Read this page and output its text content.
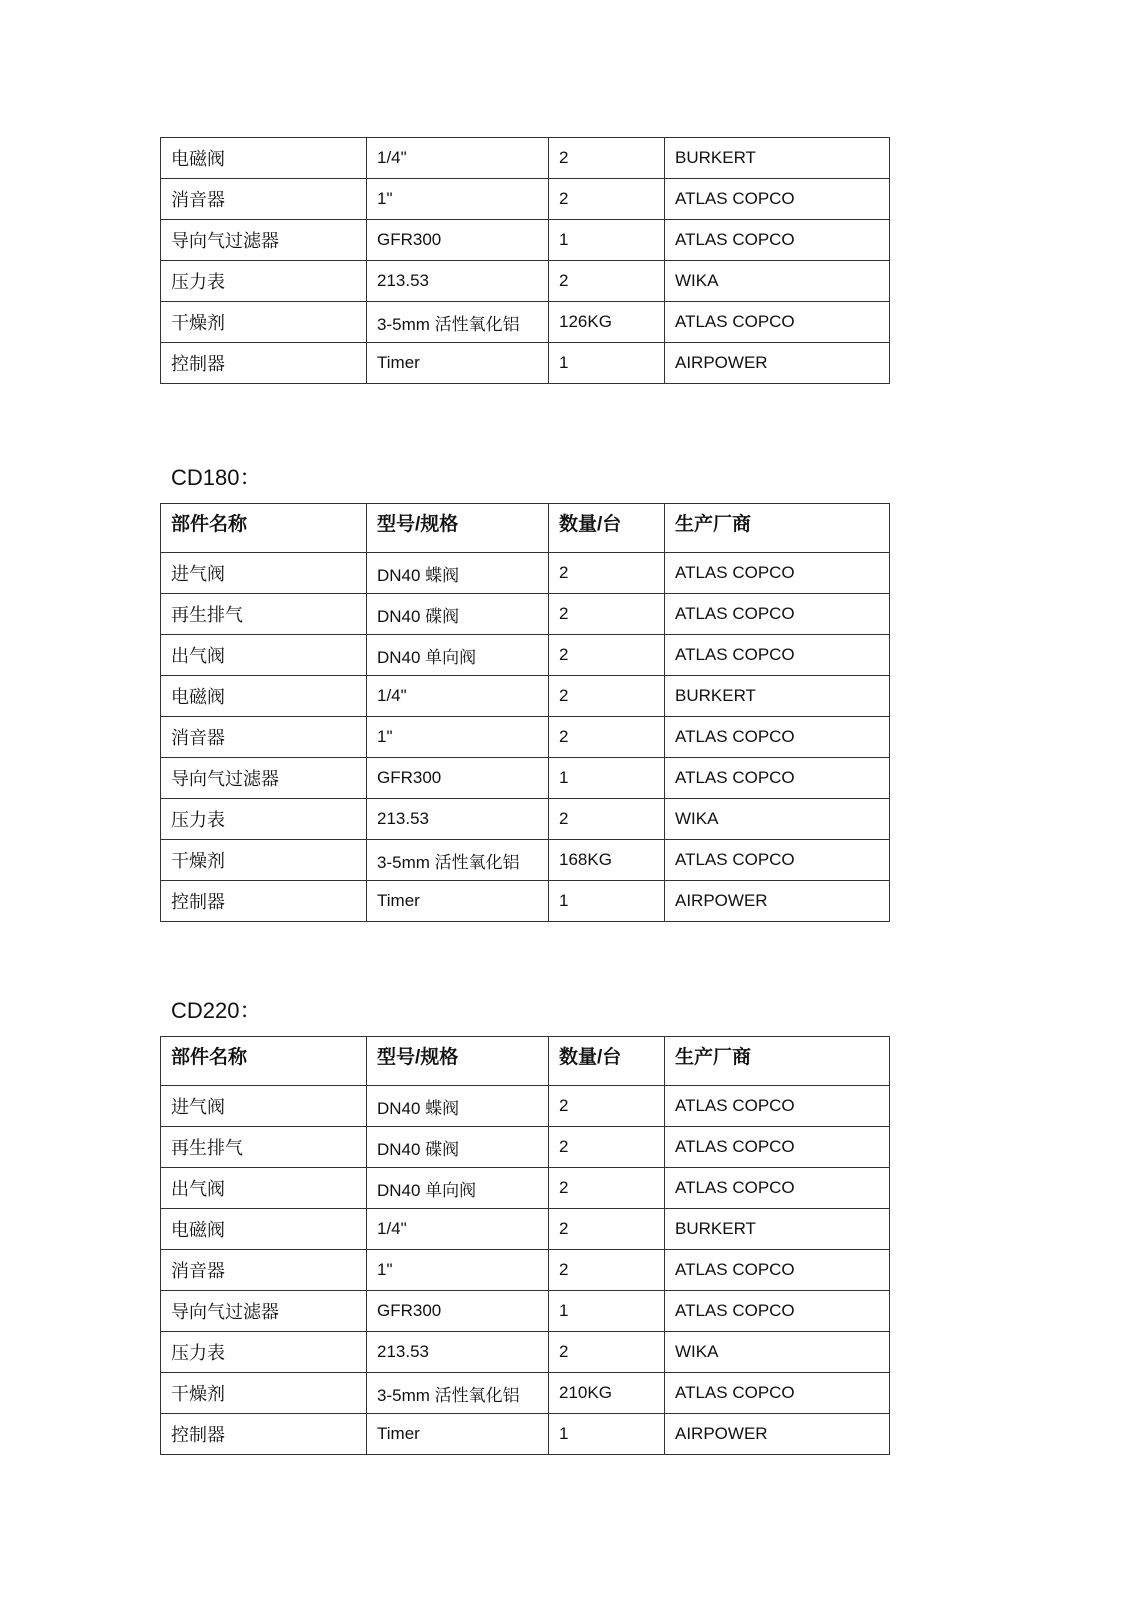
电磁阀	1/4"	2	BURKERT
消音器	1"	2	ATLAS COPCO
导向气过滤器	GFR300	1	ATLAS COPCO
压力表	213.53	2	WIKA
干燥剂	3-5mm 活性氧化铝	126KG	ATLAS COPCO
控制器	Timer	1	AIRPOWER
CD180：
部件名称	型号/规格	数量/台	生产厂商
进气阀	DN40 蝶阀	2	ATLAS COPCO
再生排气	DN40 碟阀	2	ATLAS COPCO
出气阀	DN40 单向阀	2	ATLAS COPCO
电磁阀	1/4"	2	BURKERT
消音器	1"	2	ATLAS COPCO
导向气过滤器	GFR300	1	ATLAS COPCO
压力表	213.53	2	WIKA
干燥剂	3-5mm 活性氧化铝	168KG	ATLAS COPCO
控制器	Timer	1	AIRPOWER
CD220：
部件名称	型号/规格	数量/台	生产厂商
进气阀	DN40 蝶阀	2	ATLAS COPCO
再生排气	DN40 碟阀	2	ATLAS COPCO
出气阀	DN40 单向阀	2	ATLAS COPCO
电磁阀	1/4"	2	BURKERT
消音器	1"	2	ATLAS COPCO
导向气过滤器	GFR300	1	ATLAS COPCO
压力表	213.53	2	WIKA
干燥剂	3-5mm 活性氧化铝	210KG	ATLAS COPCO
控制器	Timer	1	AIRPOWER
